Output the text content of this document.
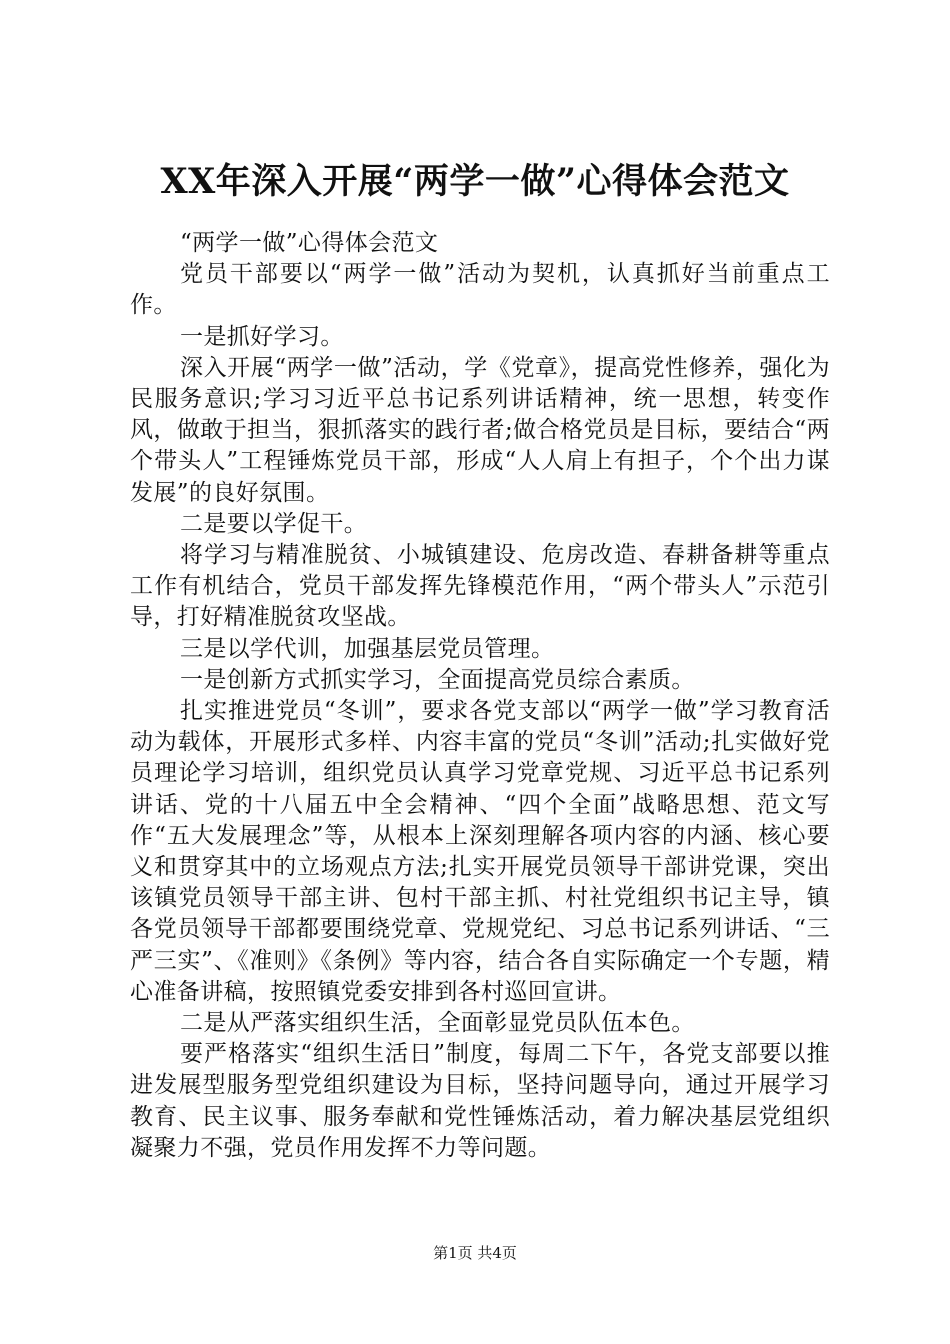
XX年深入开展“两学一做”心得体会范文

“两学一做”心得体会范文

党员干部要以“两学一做”活动为契机，认真抓好当前重点工作。

一是抓好学习。

深入开展“两学一做”活动，学《党章》，提高党性修养，强化为民服务意识;学习习近平总书记系列讲话精神，统一思想，转变作风，做敢于担当，狠抓落实的践行者;做合格党员是目标，要结合“两个带头人”工程锤炼党员干部，形成“人人肩上有担子，个个出力谋发展”的良好氛围。

二是要以学促干。

将学习与精准脱贫、小城镇建设、危房改造、春耕备耕等重点工作有机结合，党员干部发挥先锋模范作用，“两个带头人”示范引导，打好精准脱贫攻坚战。

三是以学代训，加强基层党员管理。

一是创新方式抓实学习，全面提高党员综合素质。

扎实推进党员“冬训”，要求各党支部以“两学一做”学习教育活动为载体，开展形式多样、内容丰富的党员“冬训”活动;扎实做好党员理论学习培训，组织党员认真学习党章党规、习近平总书记系列讲话、党的十八届五中全会精神、“四个全面”战略思想、范文写作“五大发展理念”等，从根本上深刻理解各项内容的内涵、核心要义和贯穿其中的立场观点方法;扎实开展党员领导干部讲党课，突出该镇党员领导干部主讲、包村干部主抓、村社党组织书记主导，镇各党员领导干部都要围绕党章、党规党纪、习总书记系列讲话、“三严三实”、《准则》《条例》等内容，结合各自实际确定一个专题，精心准备讲稿，按照镇党委安排到各村巡回宣讲。

二是从严落实组织生活，全面彰显党员队伍本色。

要严格落实“组织生活日”制度，每周二下午，各党支部要以推进发展型服务型党组织建设为目标，坚持问题导向，通过开展学习教育、民主议事、服务奉献和党性锤炼活动，着力解决基层党组织凝聚力不强，党员作用发挥不力等问题。

第1页 共4页
